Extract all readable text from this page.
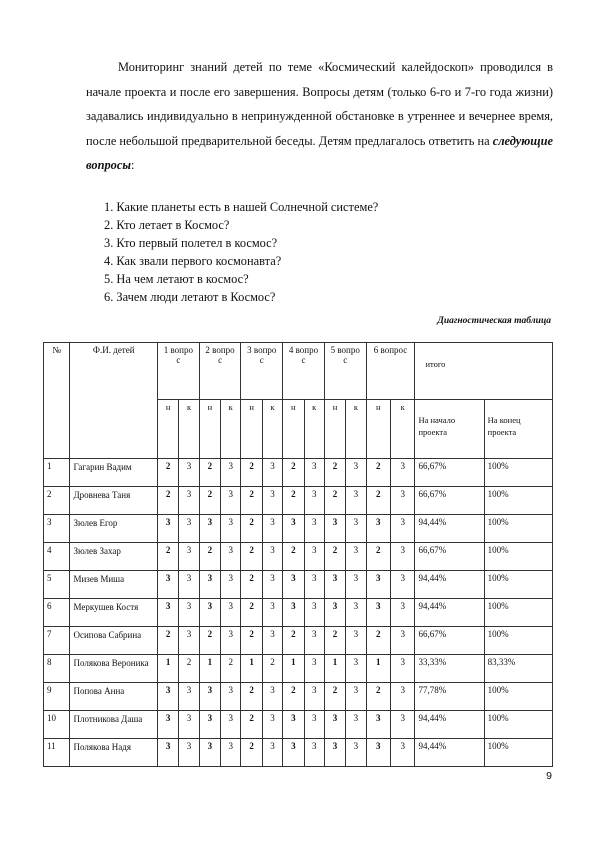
Мониторинг знаний детей по теме «Космический калейдоскоп» проводился в начале проекта и после его завершения. Вопросы детям (только 6-го и 7-го года жизни) задавались индивидуально в непринужденной обстановке в утреннее и вечернее время, после небольшой предварительной беседы. Детям предлагалось ответить на следующие вопросы:

1. Какие планеты есть в нашей Солнечной системе?
2. Кто летает в Космос?
3. Кто первый полетел в космос?
4. Как звали первого космонавта?
5. На чем летают в космос?
6. Зачем люди летают в Космос?

Диагностическая таблица

№	Ф.И. детей	1 вопро с		2 вопро с		3 вопро с		4 вопро с		5 вопро с		6 вопрос		итого	
		н	к	н	к	н	к	н	к	н	к	н	к	На начало проекта	На конец проекта
1	Гагарин Вадим	2	3	2	3	2	3	2	3	2	3	2	3	66,67%	100%
2	Дровнева Таня	2	3	2	3	2	3	2	3	2	3	2	3	66,67%	100%
3	Зюлев Егор	3	3	3	3	2	3	3	3	3	3	3	3	94,44%	100%
4	Зюлев Захар	2	3	2	3	2	3	2	3	2	3	2	3	66,67%	100%
5	Мизев Миша	3	3	3	3	2	3	3	3	3	3	3	3	94,44%	100%
6	Меркушев Костя	3	3	3	3	2	3	3	3	3	3	3	3	94,44%	100%
7	Осипова Сабрина	2	3	2	3	2	3	2	3	2	3	2	3	66,67%	100%
8	Полякова Вероника	1	2	1	2	1	2	1	3	1	3	1	3	33,33%	83,33%
9	Попова Анна	3	3	3	3	2	3	2	3	2	3	2	3	77,78%	100%
10	Плотникова Даша	3	3	3	3	2	3	3	3	3	3	3	3	94,44%	100%
11	Полякова Надя	3	3	3	3	2	3	3	3	3	3	3	3	94,44%	100%

9
